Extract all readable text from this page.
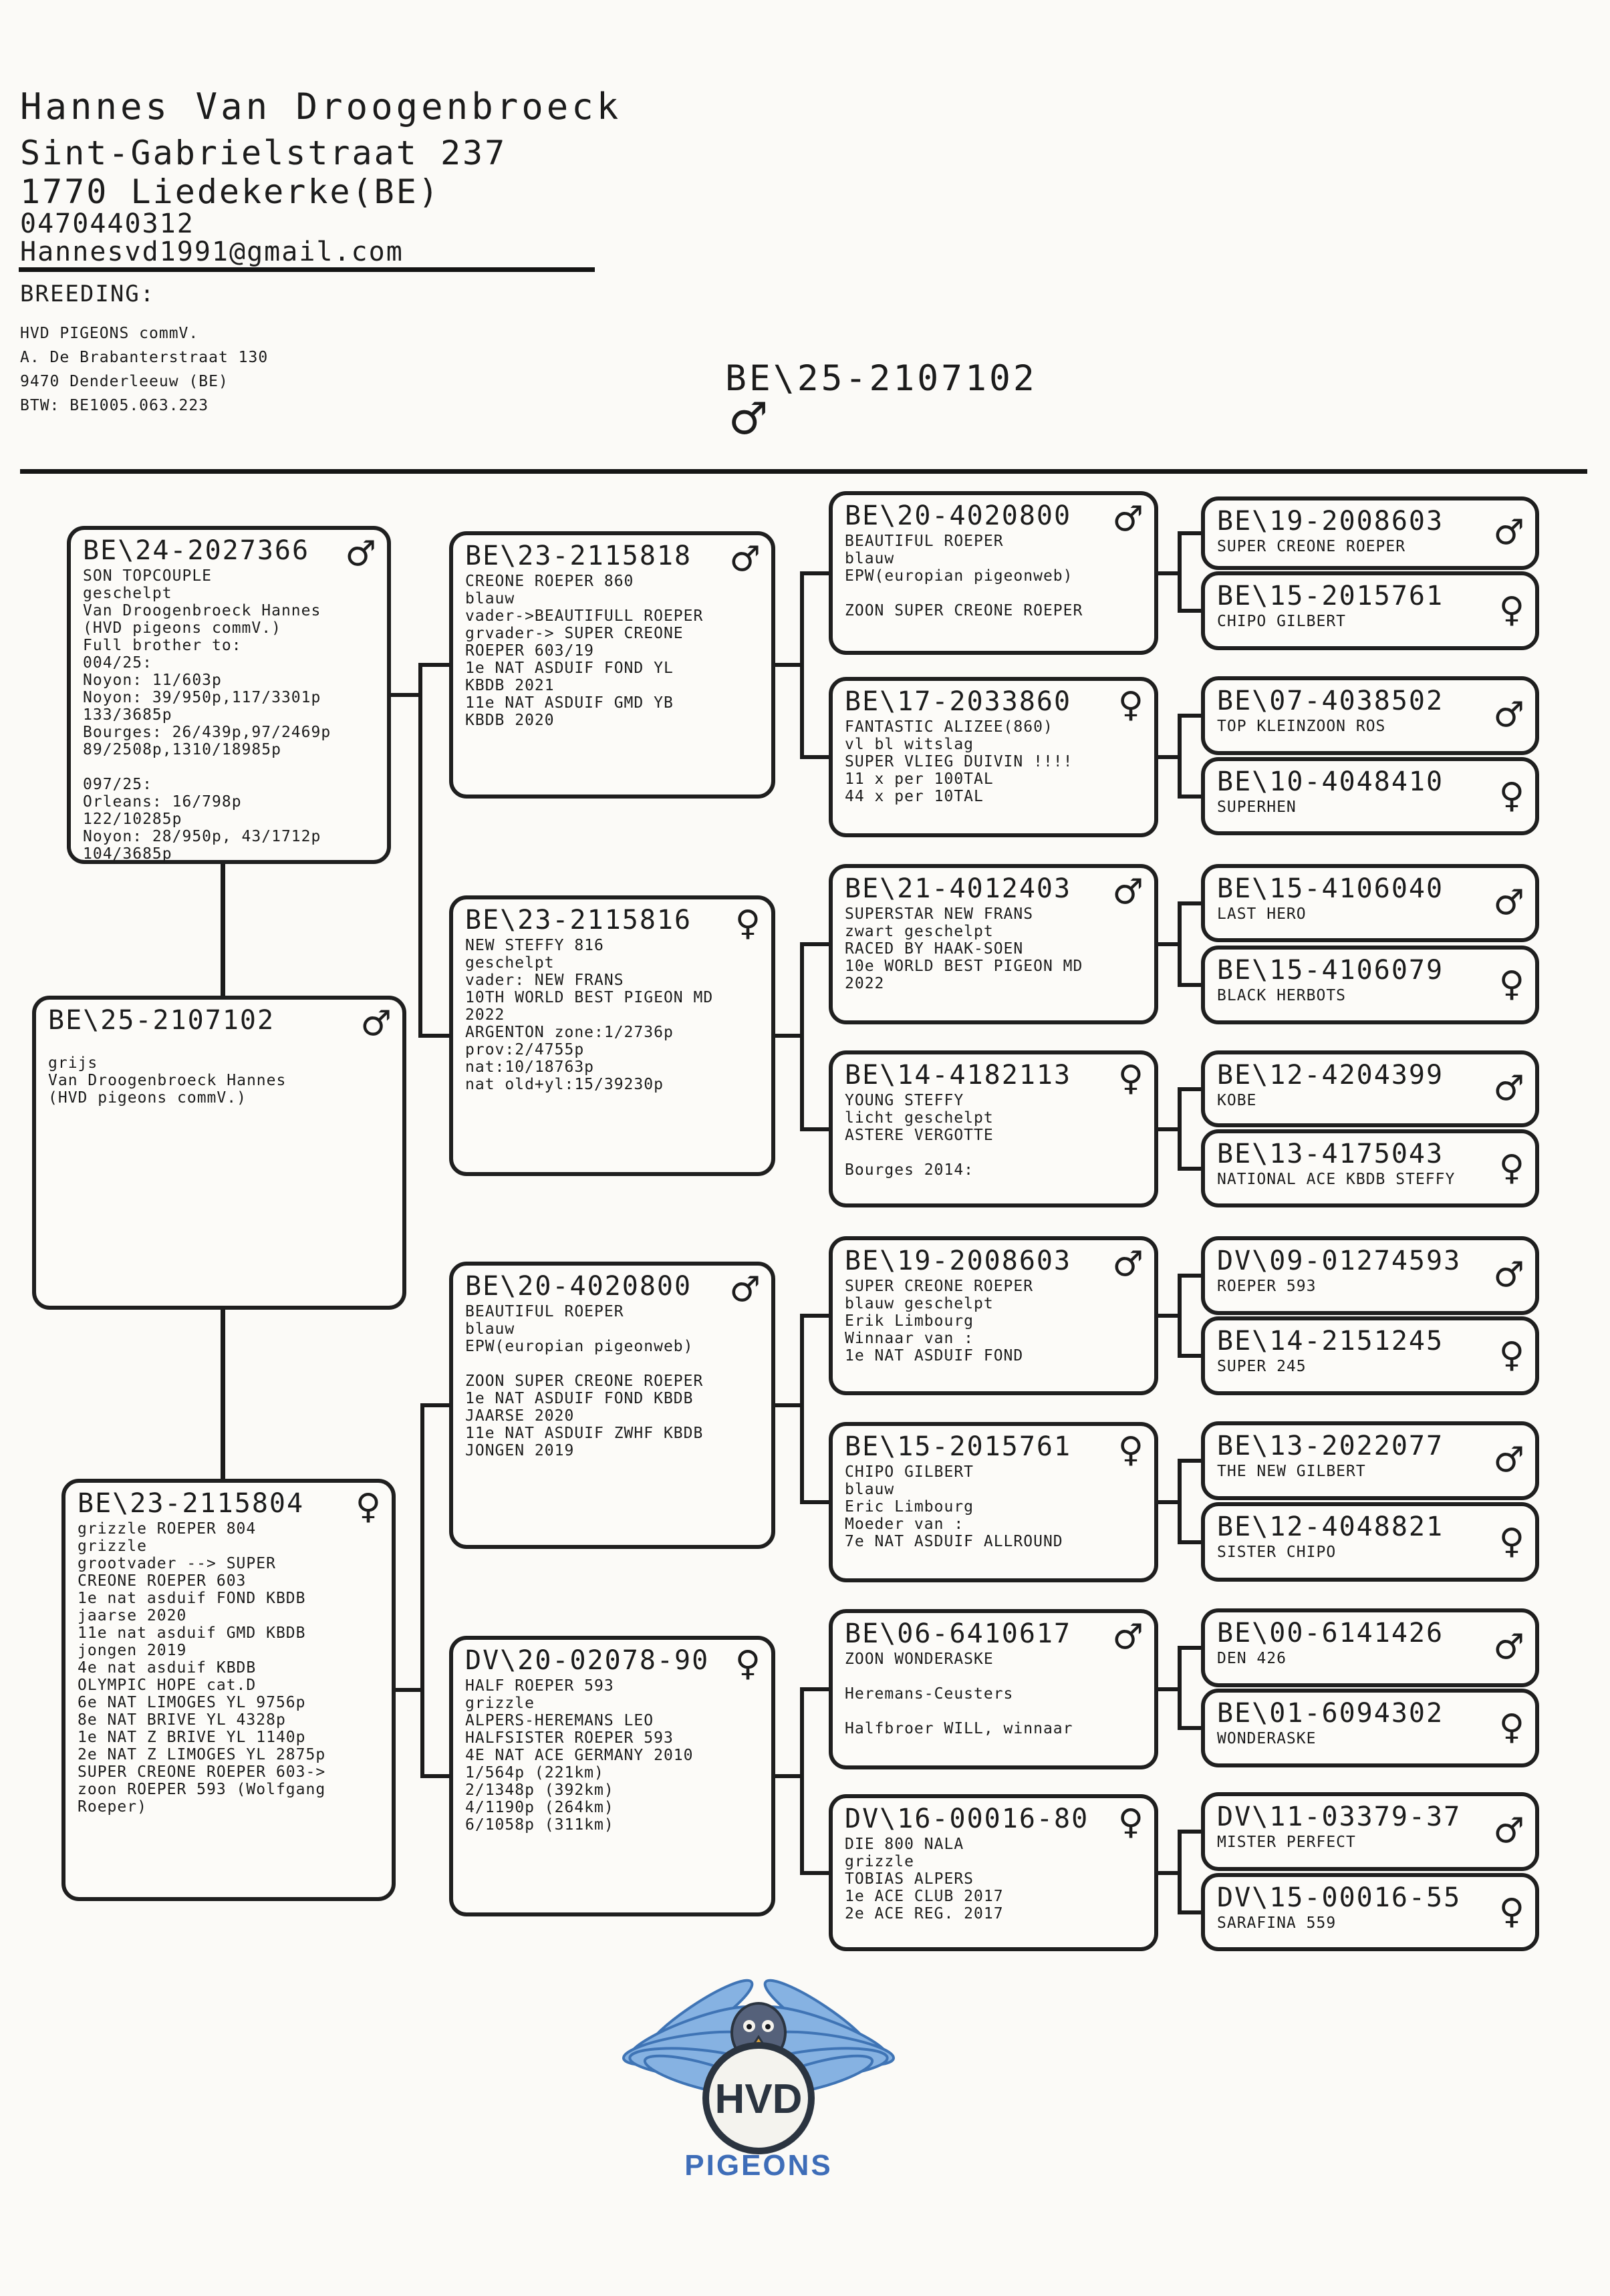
Hannes Van Droogenbroeck
Sint-Gabrielstraat 237
1770 Liedekerke(BE)
0470440312
Hannesvd1991@gmail.com
BREEDING:
HVD PIGEONS commV.
A. De Brabanterstraat 130
9470 Denderleeuw (BE)
BTW: BE1005.063.223
BE\25-2107102
♂
BE\24-2027366	♂
SON TOPCOUPLE
geschelpt
Van Droogenbroeck Hannes
(HVD pigeons commV.)
Full brother to:
004/25:
Noyon: 11/603p
Noyon: 39/950p,117/3301p
133/3685p
Bourges: 26/439p,97/2469p
89/2508p,1310/18985p
097/25:
Orleans: 16/798p
122/10285p
Noyon: 28/950p, 43/1712p
104/3685p
BE\25-2107102	♂
grijs
Van Droogenbroeck Hannes
(HVD pigeons commV.)
BE\23-2115804	♀
grizzle ROEPER 804
grizzle
grootvader --> SUPER
CREONE ROEPER 603
1e nat asduif FOND KBDB
jaarse 2020
11e nat asduif GMD KBDB
jongen 2019
4e nat asduif KBDB
OLYMPIC HOPE cat.D
6e NAT LIMOGES YL 9756p
8e NAT BRIVE YL 4328p
1e NAT Z BRIVE YL 1140p
2e NAT Z LIMOGES YL 2875p
SUPER CREONE ROEPER 603->
zoon ROEPER 593 (Wolfgang
Roeper)
BE\23-2115818	♂
CREONE ROEPER 860
blauw
vader->BEAUTIFULL ROEPER
grvader-> SUPER CREONE
ROEPER 603/19
1e NAT ASDUIF FOND YL
KBDB 2021
11e NAT ASDUIF GMD YB
KBDB 2020
BE\23-2115816	♀
NEW STEFFY 816
geschelpt
vader: NEW FRANS
10TH WORLD BEST PIGEON MD
2022
ARGENTON zone:1/2736p
prov:2/4755p
nat:10/18763p
nat old+yl:15/39230p
BE\20-4020800	♂
BEAUTIFUL ROEPER
blauw
EPW(europian pigeonweb)
ZOON SUPER CREONE ROEPER
1e NAT ASDUIF FOND KBDB
JAARSE 2020
11e NAT ASDUIF ZWHF KBDB
JONGEN 2019
DV\20-02078-90 ♀
HALF ROEPER 593
grizzle
ALPERS-HEREMANS LEO
HALFSISTER ROEPER 593
4E NAT ACE GERMANY 2010
1/564p (221km)
2/1348p (392km)
4/1190p (264km)
6/1058p (311km)
BE\20-4020800	♂
BEAUTIFUL ROEPER
blauw
EPW(europian pigeonweb)
ZOON SUPER CREONE ROEPER
BE\17-2033860	♀
FANTASTIC ALIZEE(860)
vl bl witslag
SUPER VLIEG DUIVIN !!!!
11 x per 100TAL
44 x per 10TAL
BE\21-4012403	♂
SUPERSTAR NEW FRANS
zwart geschelpt
RACED BY HAAK-SOEN
10e WORLD BEST PIGEON MD
2022
BE\14-4182113	♀
YOUNG STEFFY
licht geschelpt
ASTERE VERGOTTE
Bourges 2014:
BE\19-2008603	♂
SUPER CREONE ROEPER
blauw geschelpt
Erik Limbourg
Winnaar van :
1e NAT ASDUIF FOND
BE\15-2015761	♀
CHIPO GILBERT
blauw
Eric Limbourg
Moeder van :
7e NAT ASDUIF ALLROUND
BE\06-6410617	♂
ZOON WONDERASKE
Heremans-Ceusters
Halfbroer WILL, winnaar
DV\16-00016-80 ♀
DIE 800 NALA
grizzle
TOBIAS ALPERS
1e ACE CLUB 2017
2e ACE REG. 2017
BE\19-2008603	♂
SUPER CREONE ROEPER
BE\15-2015761	♀
CHIPO GILBERT
BE\07-4038502	♂
TOP KLEINZOON ROS
BE\10-4048410	♀
SUPERHEN
BE\15-4106040	♂
LAST HERO
BE\15-4106079	♀
BLACK HERBOTS
BE\12-4204399	♂
KOBE
BE\13-4175043	♀
NATIONAL ACE KBDB STEFFY
DV\09-01274593 ♂
ROEPER 593
BE\14-2151245	♀
SUPER 245
BE\13-2022077	♂
THE NEW GILBERT
BE\12-4048821	♀
SISTER CHIPO
BE\00-6141426	♂
DEN 426
BE\01-6094302	♀
WONDERASKE
DV\11-03379-37 ♂
MISTER PERFECT
DV\15-00016-55	♀
SARAFINA 559
HVD
PIGEONS
